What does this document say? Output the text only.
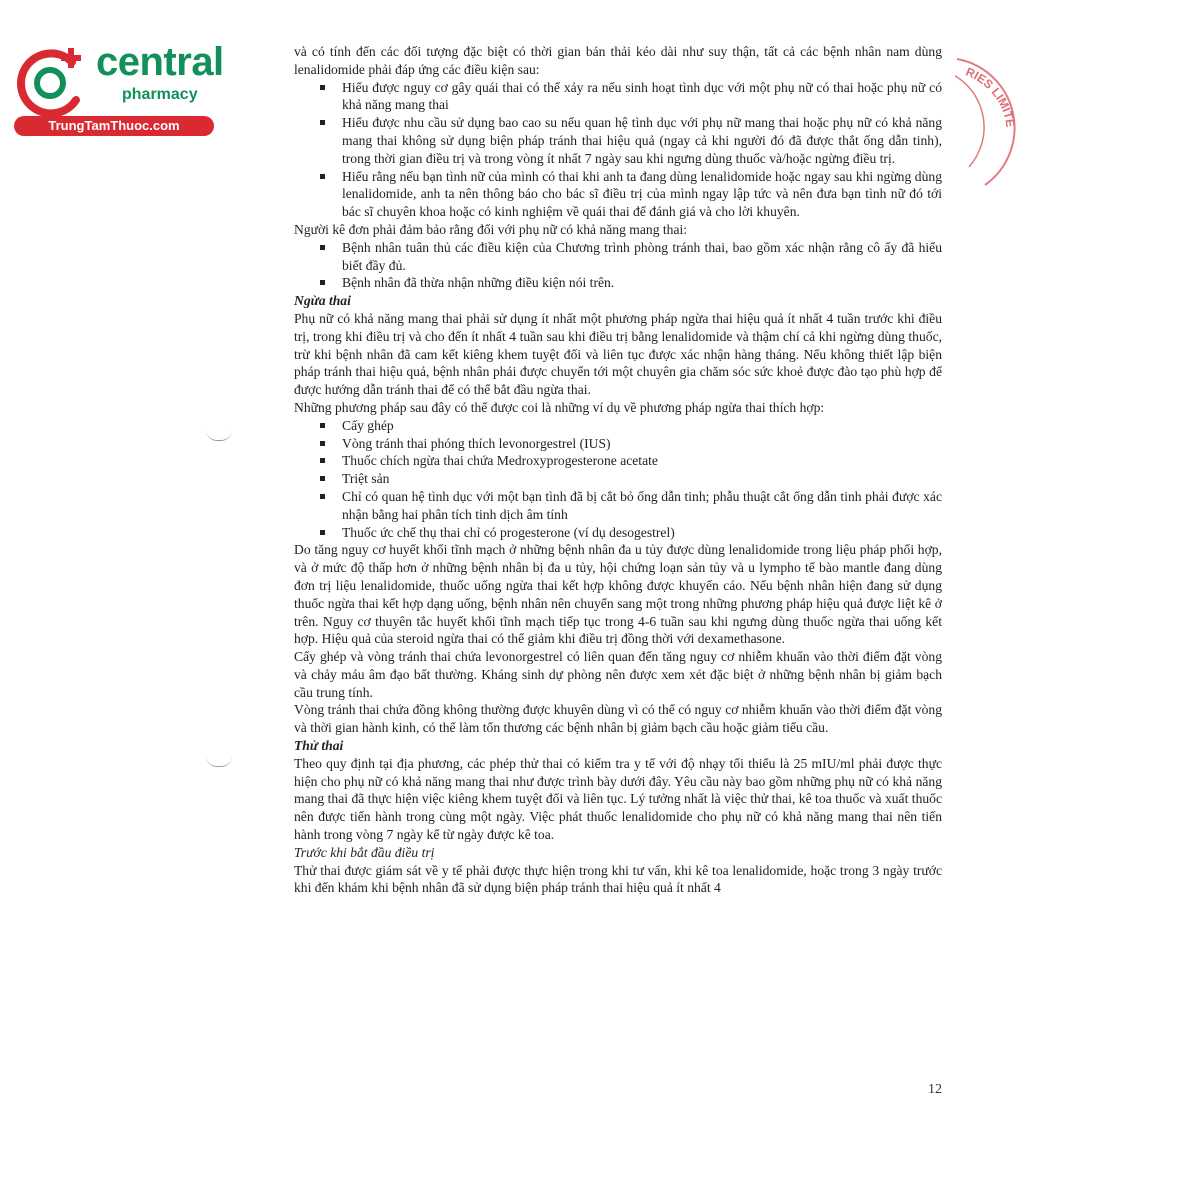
central
pharmacy
TrungTamThuoc.com
RIES LIMITE

và có tính đến các đối tượng đặc biệt có thời gian bán thải kéo dài như suy thận, tất cả các bệnh nhân nam dùng lenalidomide phải đáp ứng các điều kiện sau:

Hiểu được nguy cơ gây quái thai có thể xảy ra nếu sinh hoạt tình dục với một phụ nữ có thai hoặc phụ nữ có khả năng mang thai
Hiểu được nhu cầu sử dụng bao cao su nếu quan hệ tình dục với phụ nữ mang thai hoặc phụ nữ có khả năng mang thai không sử dụng biện pháp tránh thai hiệu quả (ngay cả khi người đó đã được thắt ống dẫn tinh), trong thời gian điều trị và trong vòng ít nhất 7 ngày sau khi ngưng dùng thuốc và/hoặc ngừng điều trị.
Hiểu rằng nếu bạn tình nữ của mình có thai khi anh ta đang dùng lenalidomide hoặc ngay sau khi ngừng dùng lenalidomide, anh ta nên thông báo cho bác sĩ điều trị của mình ngay lập tức và nên đưa bạn tình nữ đó tới bác sĩ chuyên khoa hoặc có kinh nghiệm về quái thai để đánh giá và cho lời khuyên.

Người kê đơn phải đảm bảo rằng đối với phụ nữ có khả năng mang thai:

Bệnh nhân tuân thủ các điều kiện của Chương trình phòng tránh thai, bao gồm xác nhận rằng cô ấy đã hiểu biết đầy đủ.
Bệnh nhân đã thừa nhận những điều kiện nói trên.
Ngừa thai

Phụ nữ có khả năng mang thai phải sử dụng ít nhất một phương pháp ngừa thai hiệu quả ít nhất 4 tuần trước khi điều trị, trong khi điều trị và cho đến ít nhất 4 tuần sau khi điều trị bằng lenalidomide và thậm chí cả khi ngừng dùng thuốc, trừ khi bệnh nhân đã cam kết kiêng khem tuyệt đối và liên tục được xác nhận hàng tháng. Nếu không thiết lập biện pháp tránh thai hiệu quả, bệnh nhân phải được chuyển tới một chuyên gia chăm sóc sức khoẻ được đào tạo phù hợp để được hướng dẫn tránh thai để có thể bắt đầu ngừa thai.

Những phương pháp sau đây có thể được coi là những ví dụ về phương pháp ngừa thai thích hợp:

Cấy ghép
Vòng tránh thai phóng thích levonorgestrel (IUS)
Thuốc chích ngừa thai chứa Medroxyprogesterone acetate
Triệt sản
Chỉ có quan hệ tình dục với một bạn tình đã bị cắt bỏ ống dẫn tinh; phẫu thuật cắt ống dẫn tinh phải được xác nhận bằng hai phân tích tinh dịch âm tính
Thuốc ức chế thụ thai chỉ có progesterone (ví dụ desogestrel)

Do tăng nguy cơ huyết khối tĩnh mạch ở những bệnh nhân đa u tủy được dùng lenalidomide trong liệu pháp phối hợp, và ở mức độ thấp hơn ở những bệnh nhân bị đa u tủy, hội chứng loạn sản tủy và u lympho tế bào mantle đang dùng đơn trị liệu lenalidomide, thuốc uống ngừa thai kết hợp không được khuyến cáo. Nếu bệnh nhân hiện đang sử dụng thuốc ngừa thai kết hợp dạng uống, bệnh nhân nên chuyển sang một trong những phương pháp hiệu quả được liệt kê ở trên. Nguy cơ thuyên tắc huyết khối tĩnh mạch tiếp tục trong 4-6 tuần sau khi ngưng dùng thuốc ngừa thai uống kết hợp. Hiệu quả của steroid ngừa thai có thể giảm khi điều trị đồng thời với dexamethasone.

Cấy ghép và vòng tránh thai chứa levonorgestrel có liên quan đến tăng nguy cơ nhiễm khuẩn vào thời điểm đặt vòng và chảy máu âm đạo bất thường. Kháng sinh dự phòng nên được xem xét đặc biệt ở những bệnh nhân bị giảm bạch cầu trung tính.

Vòng tránh thai chứa đồng không thường được khuyên dùng vì có thể có nguy cơ nhiễm khuẩn vào thời điểm đặt vòng và thời gian hành kinh, có thể làm tổn thương các bệnh nhân bị giảm bạch cầu hoặc giảm tiểu cầu.

Thử thai

Theo quy định tại địa phương, các phép thử thai có kiểm tra y tế với độ nhạy tối thiểu là 25 mIU/ml phải được thực hiện cho phụ nữ có khả năng mang thai như được trình bày dưới đây. Yêu cầu này bao gồm những phụ nữ có khả năng mang thai đã thực hiện việc kiêng khem tuyệt đối và liên tục. Lý tưởng nhất là việc thử thai, kê toa thuốc và xuất thuốc nên được tiến hành trong cùng một ngày. Việc phát thuốc lenalidomide cho phụ nữ có khả năng mang thai nên tiến hành trong vòng 7 ngày kể từ ngày được kê toa.

Trước khi bắt đầu điều trị

Thử thai được giám sát về y tế phải được thực hiện trong khi tư vấn, khi kê toa lenalidomide, hoặc trong 3 ngày trước khi đến khám khi bệnh nhân đã sử dụng biện pháp tránh thai hiệu quả ít nhất 4

12
